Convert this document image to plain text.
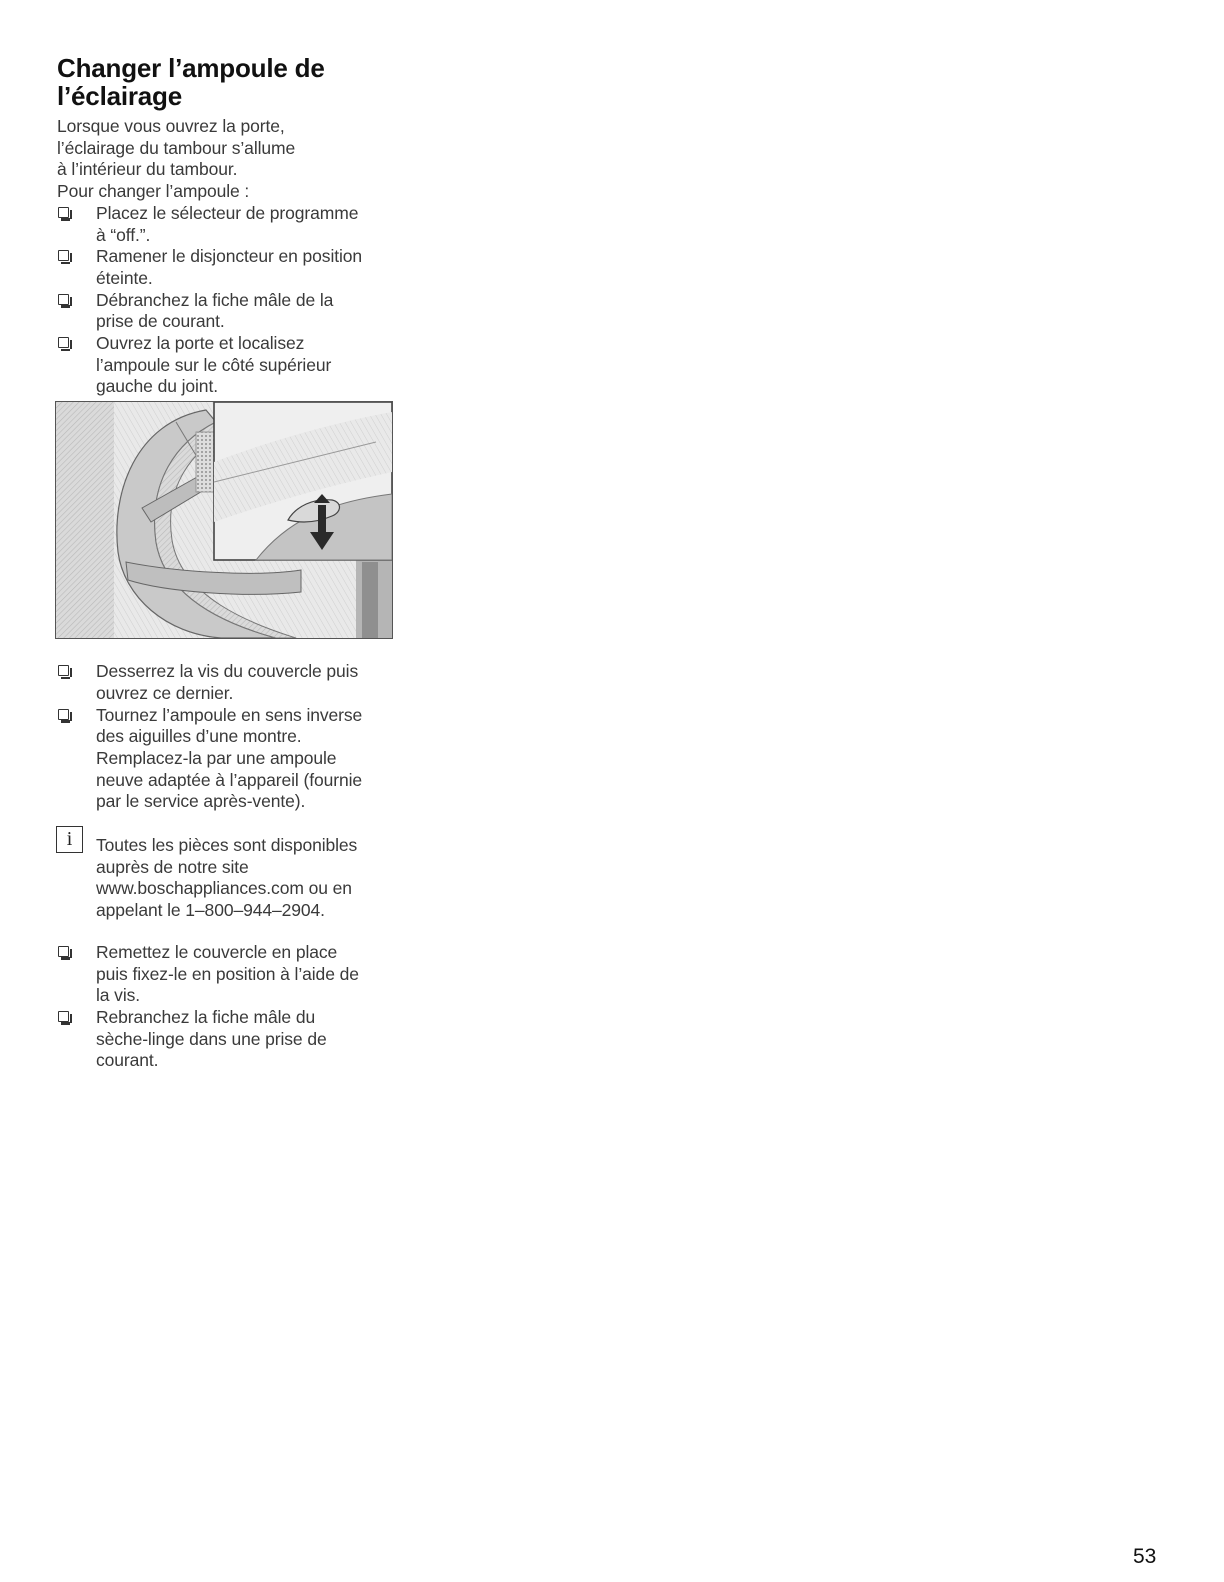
Changer l’ampoule de
l’éclairage
Lorsque vous ouvrez la porte,
l’éclairage du tambour s’allume
à l’intérieur du tambour.
Pour changer l’ampoule :
Placez le sélecteur de programme
à “off.”.
Ramener le disjoncteur en position
éteinte.
Débranchez la fiche mâle de la
prise de courant.
Ouvrez la porte et localisez
l’ampoule sur le côté supérieur
gauche du joint.
Desserrez la vis du couvercle puis
ouvrez ce dernier.
Tournez l’ampoule en sens inverse
des aiguilles d’une montre.
Remplacez-la par une ampoule
neuve adaptée à l’appareil (fournie
par le service après-vente).
i	Toutes les pièces sont disponibles
auprès de notre site
www.boschappliances.com ou en
appelant le 1–800–944–2904.
Remettez le couvercle en place
puis fixez-le en position à l’aide de
la vis.
Rebranchez la fiche mâle du
sèche-linge dans une prise de
courant.
53
